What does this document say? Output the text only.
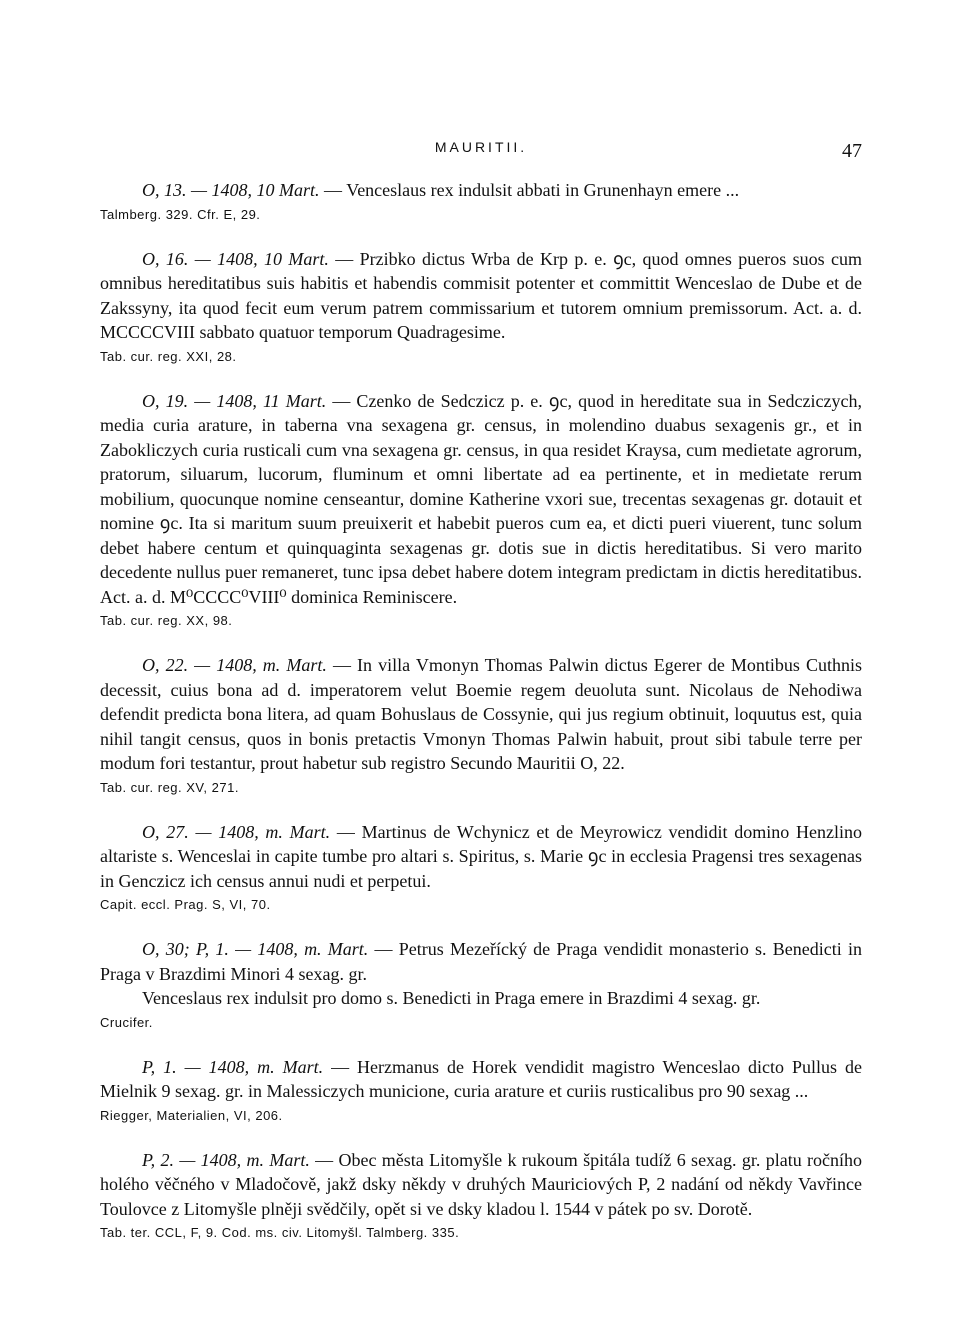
MAURITII.	47

O, 13. — 1408, 10 Mart. — Venceslaus rex indulsit abbati in Grunenhayn emere ...

Talmberg. 329. Cfr. E, 29.

O, 16. — 1408, 10 Mart. — Przibko dictus Wrba de Krp p. e. ꝯc, quod omnes pueros suos cum omnibus hereditatibus suis habitis et habendis commisit potenter et committit Wenceslao de Dube et de Zakssyny, ita quod fecit eum verum patrem commissarium et tutorem omnium premissorum. Act. a. d. MCCCCVIII sabbato quatuor temporum Quadragesime.

Tab. cur. reg. XXI, 28.

O, 19. — 1408, 11 Mart. — Czenko de Sedczicz p. e. ꝯc, quod in hereditate sua in Sedcziczych, media curia arature, in taberna vna sexagena gr. census, in molendino duabus sexagenis gr., et in Zabokliczych curia rusticali cum vna sexagena gr. census, in qua residet Kraysa, cum medietate agrorum, pratorum, siluarum, lucorum, fluminum et omni libertate ad ea pertinente, et in medietate rerum mobilium, quocunque nomine censeantur, domine Katherine vxori sue, trecentas sexagenas gr. dotauit et nomine ꝯc. Ita si maritum suum preuixerit et habebit pueros cum ea, et dicti pueri viuerent, tunc solum debet habere centum et quinquaginta sexagenas gr. dotis sue in dictis hereditatibus. Si vero marito decedente nullus puer remaneret, tunc ipsa debet habere dotem integram predictam in dictis hereditatibus. Act. a. d. M⁰CCCC⁰VIII⁰ dominica Reminiscere.

Tab. cur. reg. XX, 98.

O, 22. — 1408, m. Mart. — In villa Vmonyn Thomas Palwin dictus Egerer de Montibus Cuthnis decessit, cuius bona ad d. imperatorem velut Boemie regem deuoluta sunt. Nicolaus de Nehodiwa defendit predicta bona litera, ad quam Bohuslaus de Cossynie, qui jus regium obtinuit, loquutus est, quia nihil tangit census, quos in bonis pretactis Vmonyn Thomas Palwin habuit, prout sibi tabule terre per modum fori testantur, prout habetur sub registro Secundo Mauritii O, 22.

Tab. cur. reg. XV, 271.

O, 27. — 1408, m. Mart. — Martinus de Wchynicz et de Meyrowicz vendidit domino Henzlino altariste s. Wenceslai in capite tumbe pro altari s. Spiritus, s. Marie ꝯc in ecclesia Pragensi tres sexagenas in Genczicz ich census annui nudi et perpetui.

Capit. eccl. Prag. S, VI, 70.

O, 30; P, 1. — 1408, m. Mart. — Petrus Mezeřícký de Praga vendidit monasterio s. Benedicti in Praga v Brazdimi Minori 4 sexag. gr.

Venceslaus rex indulsit pro domo s. Benedicti in Praga emere in Brazdimi 4 sexag. gr.

Crucifer.

P, 1. — 1408, m. Mart. — Herzmanus de Horek vendidit magistro Wenceslao dicto Pullus de Mielnik 9 sexag. gr. in Malessiczych municione, curia arature et curiis rusticalibus pro 90 sexag ...

Riegger, Materialien, VI, 206.

P, 2. — 1408, m. Mart. — Obec města Litomyšle k rukoum špitála tudíž 6 sexag. gr. platu ročního holého věčného v Mladočově, jakž dsky někdy v druhých Mauriciových P, 2 nadání od někdy Vavřince Toulovce z Litomyšle plněji svědčily, opět si ve dsky kladou l. 1544 v pátek po sv. Dorotě.

Tab. ter. CCL, F, 9. Cod. ms. civ. Litomyšl. Talmberg. 335.
